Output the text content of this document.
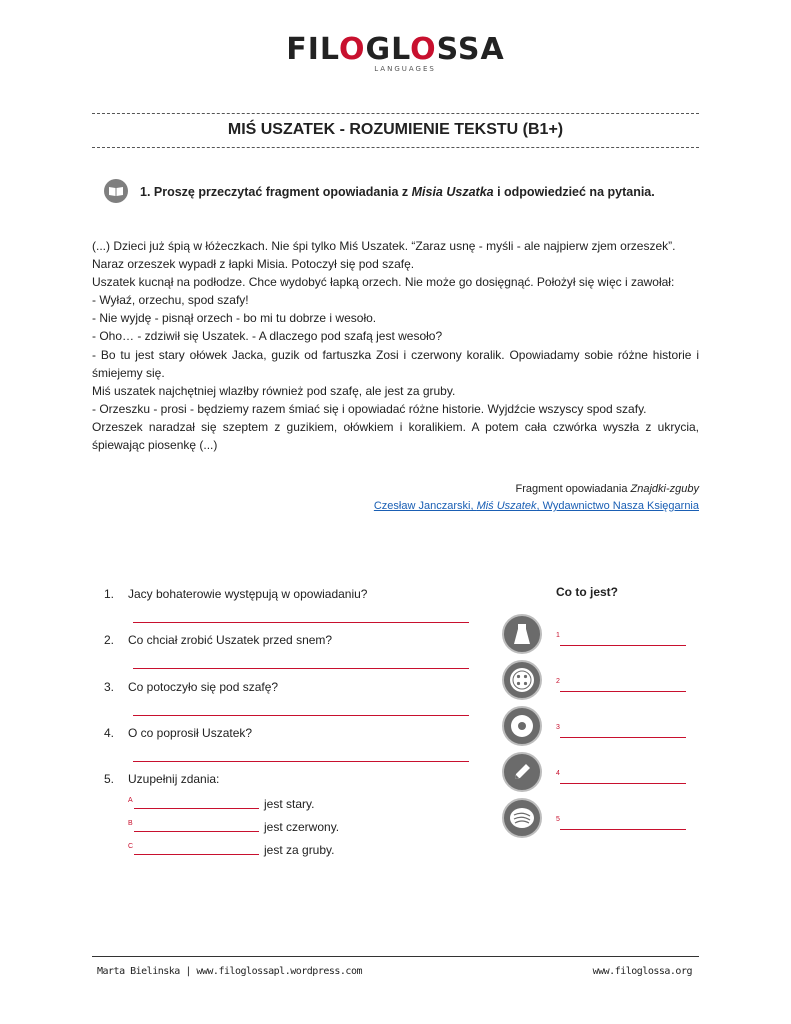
FILOGLOSSA
LANGUAGES
MIŚ USZATEK - ROZUMIENIE TEKSTU (B1+)
1. Proszę przeczytać fragment opowiadania z Misia Uszatka i odpowiedzieć na pytania.

(...) Dzieci już śpią w łóżeczkach. Nie śpi tylko Miś Uszatek. “Zaraz usnę - myśli - ale najpierw zjem orzeszek”.

Naraz orzeszek wypadł z łapki Misia. Potoczył się pod szafę.

Uszatek kucnął na podłodze. Chce wydobyć łapką orzech. Nie może go dosięgnąć. Położył się więc i zawołał:

- Wyłaź, orzechu, spod szafy!

- Nie wyjdę - pisnął orzech - bo mi tu dobrze i wesoło.

- Oho… - zdziwił się Uszatek. - A dlaczego pod szafą jest wesoło?

- Bo tu jest stary ołówek Jacka, guzik od fartuszka Zosi i czerwony koralik. Opowiadamy sobie różne historie i śmiejemy się.

Miś uszatek najchętniej wlazłby również pod szafę, ale jest za gruby.

- Orzeszku - prosi - będziemy razem śmiać się i opowiadać różne historie. Wyjdźcie wszyscy spod szafy.

Orzeszek naradzał się szeptem z guzikiem, ołówkiem i koralikiem. A potem cała czwórka wyszła z ukrycia, śpiewając piosenkę (...)

Fragment opowiadania Znajdki-zguby
Czesław Janczarski, Miś Uszatek, Wydawnictwo Nasza Księgarnia
1. Jacy bohaterowie występują w opowiadaniu?
2. Co chciał zrobić Uszatek przed snem?
3. Co potoczyło się pod szafę?
4. O co poprosił Uszatek?
5. Uzupełnij zdania:
A	jest stary.
B	jest czerwony.
C	jest za gruby.
Co to jest?
1
2
3
4
5
Marta Bielinska | www.filoglossapl.wordpress.com	www.filoglossa.org
